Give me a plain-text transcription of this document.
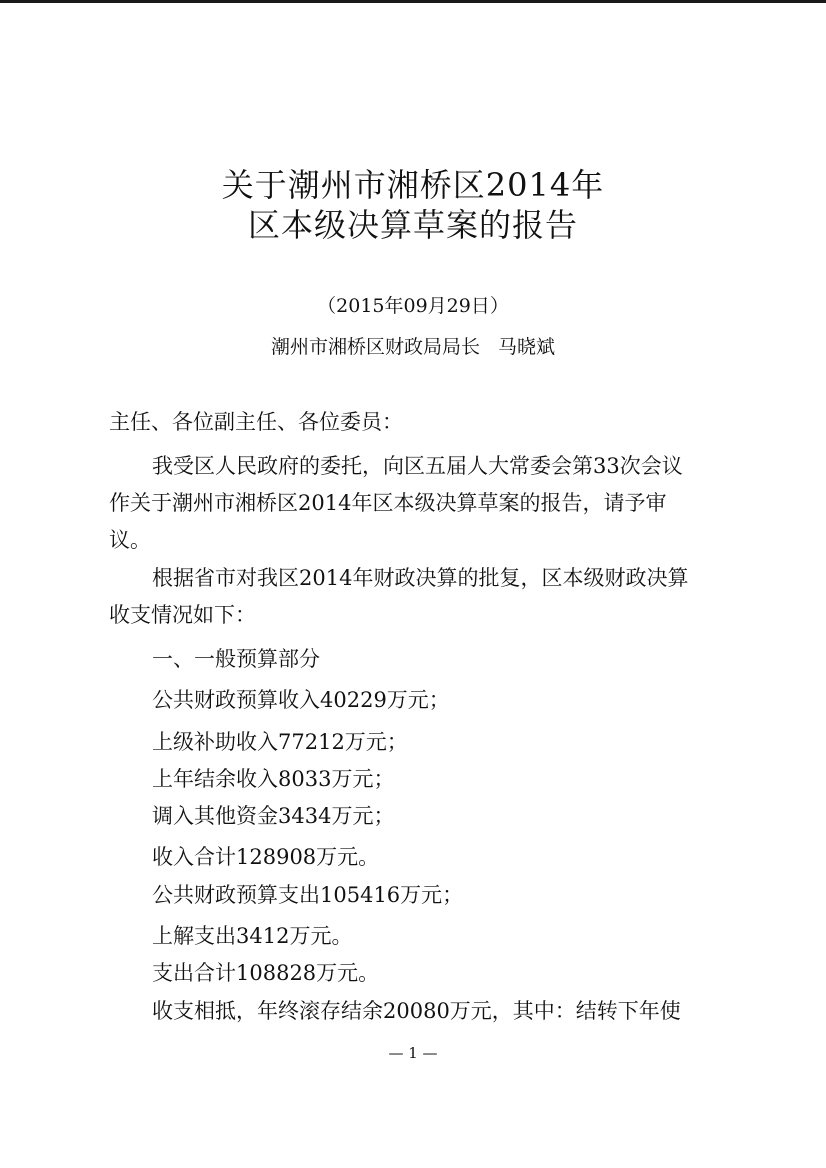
关于潮州市湘桥区2014年
区本级决算草案的报告
（2015年09月29日）
潮州市湘桥区财政局局长 马晓斌
主任、各位副主任、各位委员：
我受区人民政府的委托，向区五届人大常委会第33次会议
作关于潮州市湘桥区2014年区本级决算草案的报告，请予审
议。
根据省市对我区2014年财政决算的批复，区本级财政决算
收支情况如下：
一、一般预算部分
公共财政预算收入40229万元；
上级补助收入77212万元；
上年结余收入8033万元；
调入其他资金3434万元；
收入合计128908万元。
公共财政预算支出105416万元；
上解支出3412万元。
支出合计108828万元。
收支相抵，年终滚存结余20080万元，其中：结转下年使
— 1 —
